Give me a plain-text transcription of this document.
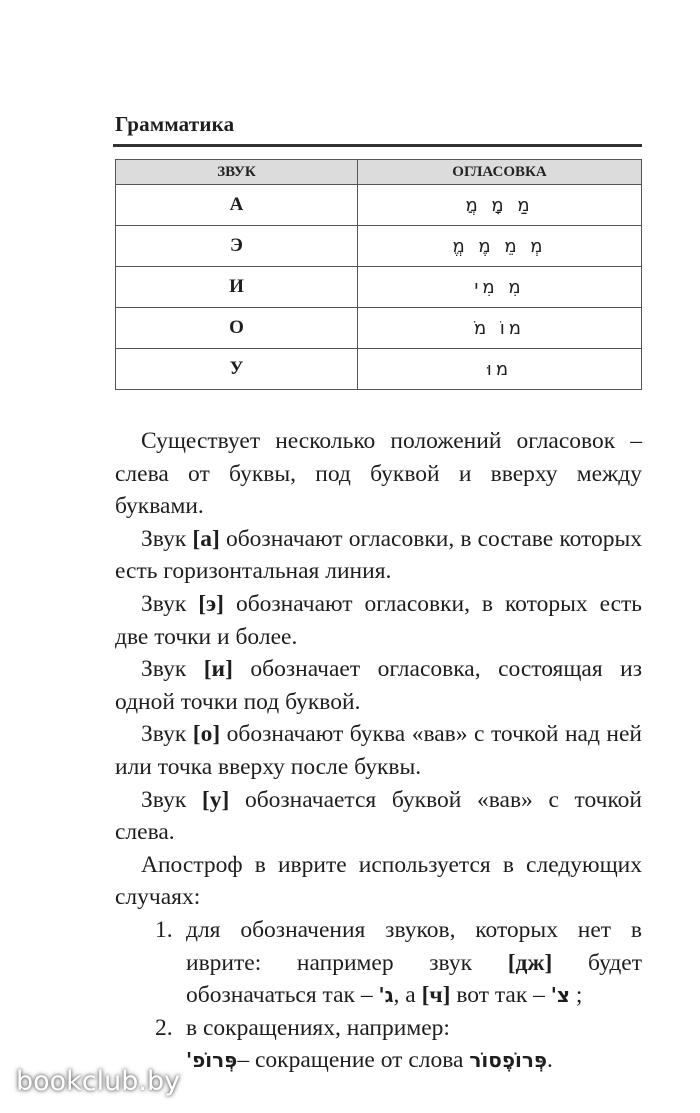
Грамматика
ЗВУК	ОГЛАСОВКА
А	מַ מָ מֲ
Э	מְ מֵ מֶ מֱ
И	מִ מִי
О	מוֹ מֹ
У	מוּ

Существует несколько положений огласовок – слева от буквы, под буквой и вверху между буквами.

Звук [а] обозначают огласовки, в составе которых есть горизонтальная линия.

Звук [э] обозначают огласовки, в которых есть две точки и более.

Звук [и] обозначает огласовка, состоящая из одной точки под буквой.

Звук [о] обозначают буква «вав» с точкой над ней или точка вверху после буквы.

Звук [у] обозначается буквой «вав» с точкой слева.

Апостроф в иврите используется в следующих случаях:

1. для обозначения звуков, которых нет в иврите: например звук [дж] будет обозначаться так – ג', а [ч] вот так – צ' ;
2. в сокращениях, например:
פְּרוֹפ'– сокращение от слова פְּרוֹפֶסוֹר.
bookclub.by
